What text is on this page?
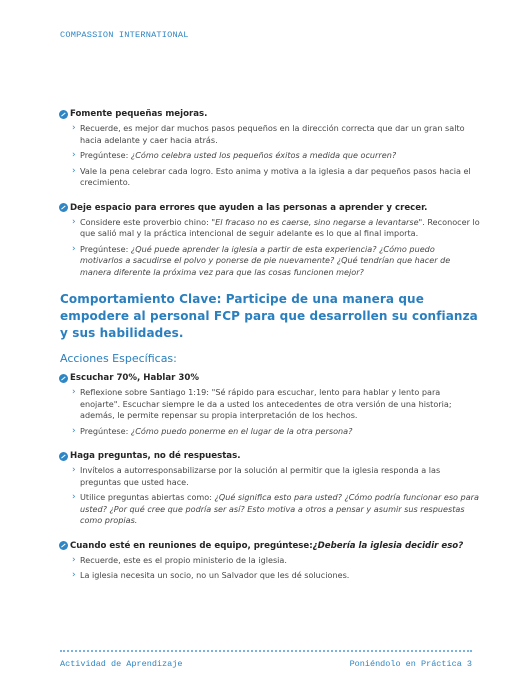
COMPASSION INTERNATIONAL
Fomente pequeñas mejoras.
› Recuerde, es mejor dar muchos pasos pequeños en la dirección correcta que dar un gran salto hacia adelante y caer hacia atrás.
› Pregúntese: ¿Cómo celebra usted los pequeños éxitos a medida que ocurren?
› Vale la pena celebrar cada logro. Esto anima y motiva a la iglesia a dar pequeños pasos hacia el crecimiento.
Deje espacio para errores que ayuden a las personas a aprender y crecer.
› Considere este proverbio chino: "El fracaso no es caerse, sino negarse a levantarse". Reconocer lo que salió mal y la práctica intencional de seguir adelante es lo que al final importa.
› Pregúntese: ¿Qué puede aprender la iglesia a partir de esta experiencia? ¿Cómo puedo motivarlos a sacudirse el polvo y ponerse de pie nuevamente? ¿Qué tendrían que hacer de manera diferente la próxima vez para que las cosas funcionen mejor?
Comportamiento Clave: Participe de una manera que empodere al personal FCP para que desarrollen su confianza y sus habilidades.
Acciones Específicas:
Escuchar 70%, Hablar 30%
› Reflexione sobre Santiago 1:19: "Sé rápido para escuchar, lento para hablar y lento para enojarte". Escuchar siempre le da a usted los antecedentes de otra versión de una historia; además, le permite repensar su propia interpretación de los hechos.
› Pregúntese: ¿Cómo puedo ponerme en el lugar de la otra persona?
Haga preguntas, no dé respuestas.
› Invítelos a autorresponsabilizarse por la solución al permitir que la iglesia responda a las preguntas que usted hace.
› Utilice preguntas abiertas como: ¿Qué significa esto para usted? ¿Cómo podría funcionar eso para usted? ¿Por qué cree que podría ser así? Esto motiva a otros a pensar y asumir sus respuestas como propias.
Cuando esté en reuniones de equipo, pregúntese: ¿Debería la iglesia decidir eso?
› Recuerde, este es el propio ministerio de la iglesia.
› La iglesia necesita un socio, no un Salvador que les dé soluciones.
Actividad de Aprendizaje	Poniéndolo en Práctica 3
